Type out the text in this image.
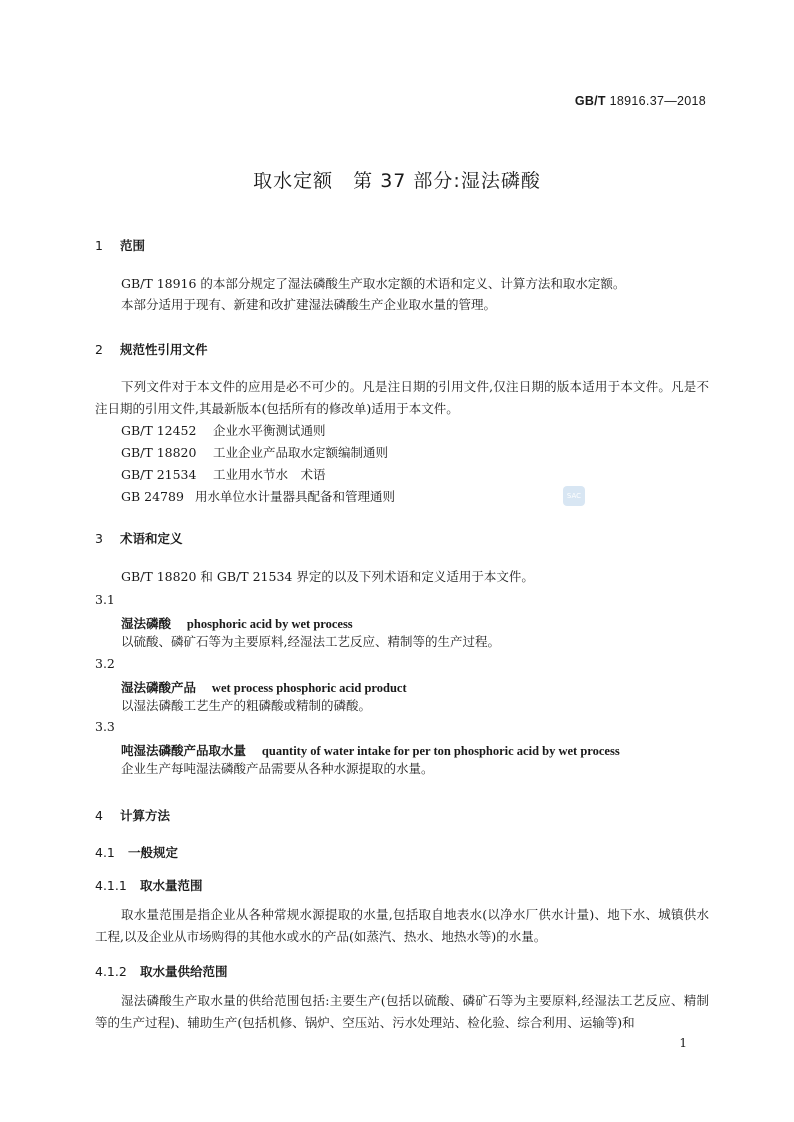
GB/T 18916.37—2018
取水定额　第 37 部分:湿法磷酸
1 范围
GB/T 18916 的本部分规定了湿法磷酸生产取水定额的术语和定义、计算方法和取水定额。
本部分适用于现有、新建和改扩建湿法磷酸生产企业取水量的管理。
2 规范性引用文件
下列文件对于本文件的应用是必不可少的。凡是注日期的引用文件,仅注日期的版本适用于本文件。凡是不注日期的引用文件,其最新版本(包括所有的修改单)适用于本文件。
GB/T 12452 企业水平衡测试通则
GB/T 18820 工业企业产品取水定额编制通则
GB/T 21534 工业用水节水　术语
GB 24789 用水单位水计量器具配备和管理通则	SAC
3 术语和定义
GB/T 18820 和 GB/T 21534 界定的以及下列术语和定义适用于本文件。
3.1
湿法磷酸 phosphoric acid by wet process
以硫酸、磷矿石等为主要原料,经湿法工艺反应、精制等的生产过程。
3.2
湿法磷酸产品 wet process phosphoric acid product
以湿法磷酸工艺生产的粗磷酸或精制的磷酸。
3.3
吨湿法磷酸产品取水量 quantity of water intake for per ton phosphoric acid by wet process
企业生产每吨湿法磷酸产品需要从各种水源提取的水量。
4 计算方法
4.1 一般规定
4.1.1 取水量范围
取水量范围是指企业从各种常规水源提取的水量,包括取自地表水(以净水厂供水计量)、地下水、城镇供水工程,以及企业从市场购得的其他水或水的产品(如蒸汽、热水、地热水等)的水量。
4.1.2 取水量供给范围
湿法磷酸生产取水量的供给范围包括:主要生产(包括以硫酸、磷矿石等为主要原料,经湿法工艺反应、精制等的生产过程)、辅助生产(包括机修、锅炉、空压站、污水处理站、检化验、综合利用、运输等)和
1
